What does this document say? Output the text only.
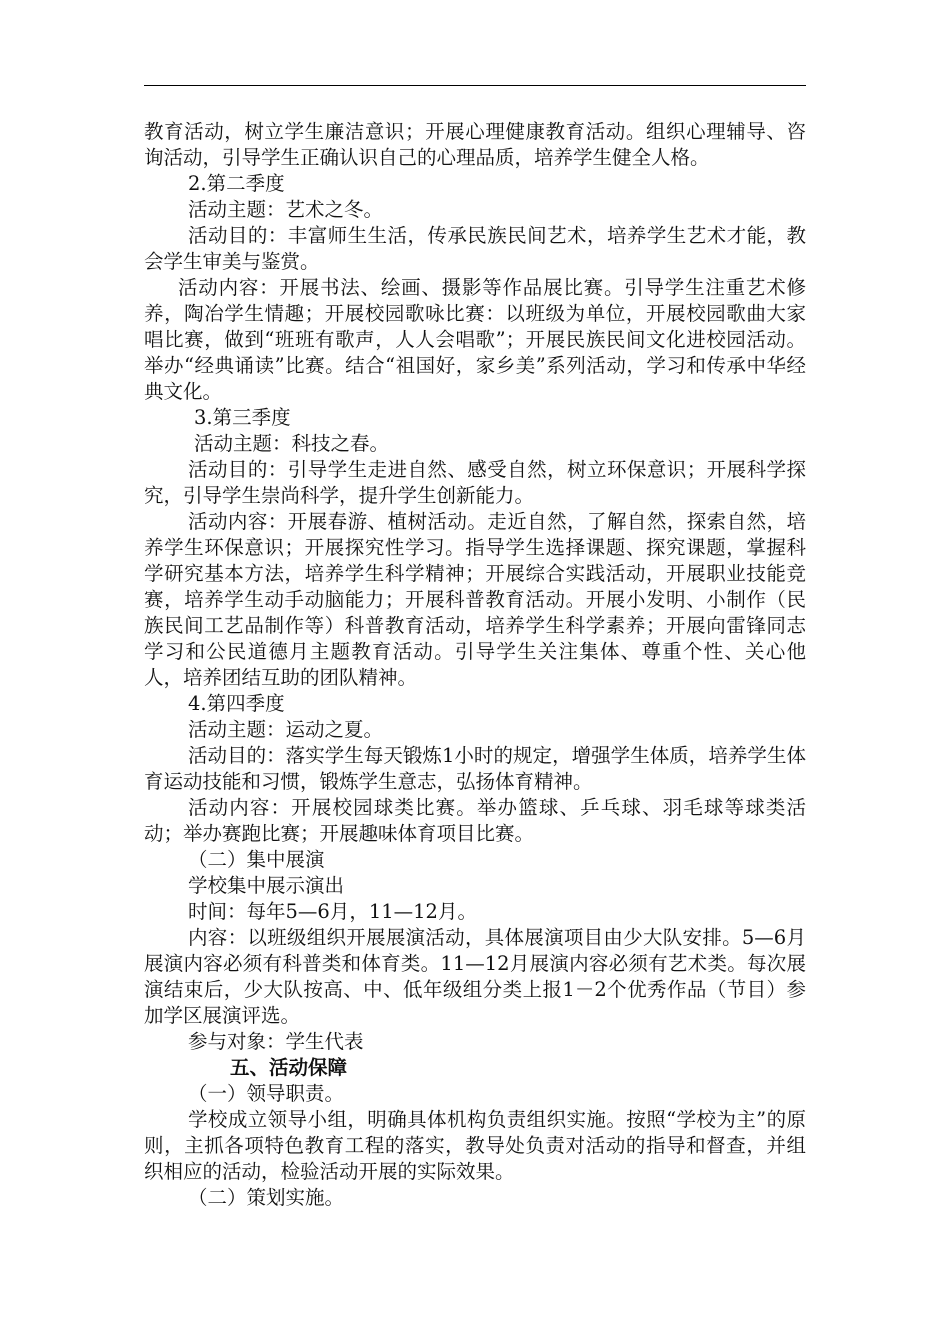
教育活动，树立学生廉洁意识；开展心理健康教育活动。组织心理辅导、咨询活动，引导学生正确认识自己的心理品质，培养学生健全人格。

2.第二季度

活动主题：艺术之冬。

活动目的：丰富师生生活，传承民族民间艺术，培养学生艺术才能，教会学生审美与鉴赏。

活动内容：开展书法、绘画、摄影等作品展比赛。引导学生注重艺术修养，陶冶学生情趣；开展校园歌咏比赛：以班级为单位，开展校园歌曲大家唱比赛，做到“班班有歌声，人人会唱歌”；开展民族民间文化进校园活动。举办“经典诵读”比赛。结合“祖国好，家乡美”系列活动，学习和传承中华经典文化。

3.第三季度

活动主题：科技之春。

活动目的：引导学生走进自然、感受自然，树立环保意识；开展科学探究，引导学生崇尚科学，提升学生创新能力。

活动内容：开展春游、植树活动。走近自然，了解自然，探索自然，培养学生环保意识；开展探究性学习。指导学生选择课题、探究课题，掌握科学研究基本方法，培养学生科学精神；开展综合实践活动，开展职业技能竞赛，培养学生动手动脑能力；开展科普教育活动。开展小发明、小制作（民族民间工艺品制作等）科普教育活动，培养学生科学素养；开展向雷锋同志学习和公民道德月主题教育活动。引导学生关注集体、尊重个性、关心他人，培养团结互助的团队精神。

4.第四季度

活动主题：运动之夏。

活动目的：落实学生每天锻炼1小时的规定，增强学生体质，培养学生体育运动技能和习惯，锻炼学生意志，弘扬体育精神。

活动内容：开展校园球类比赛。举办篮球、乒乓球、羽毛球等球类活动；举办赛跑比赛；开展趣味体育项目比赛。

（二）集中展演

学校集中展示演出

时间：每年5—6月，11—12月。

内容：以班级组织开展展演活动，具体展演项目由少大队安排。5—6月展演内容必须有科普类和体育类。11—12月展演内容必须有艺术类。每次展演结束后，少大队按高、中、低年级组分类上报1－2个优秀作品（节目）参加学区展演评选。

参与对象：学生代表

五、活动保障

（一）领导职责。

学校成立领导小组，明确具体机构负责组织实施。按照“学校为主”的原则，主抓各项特色教育工程的落实，教导处负责对活动的指导和督查，并组织相应的活动，检验活动开展的实际效果。

（二）策划实施。
